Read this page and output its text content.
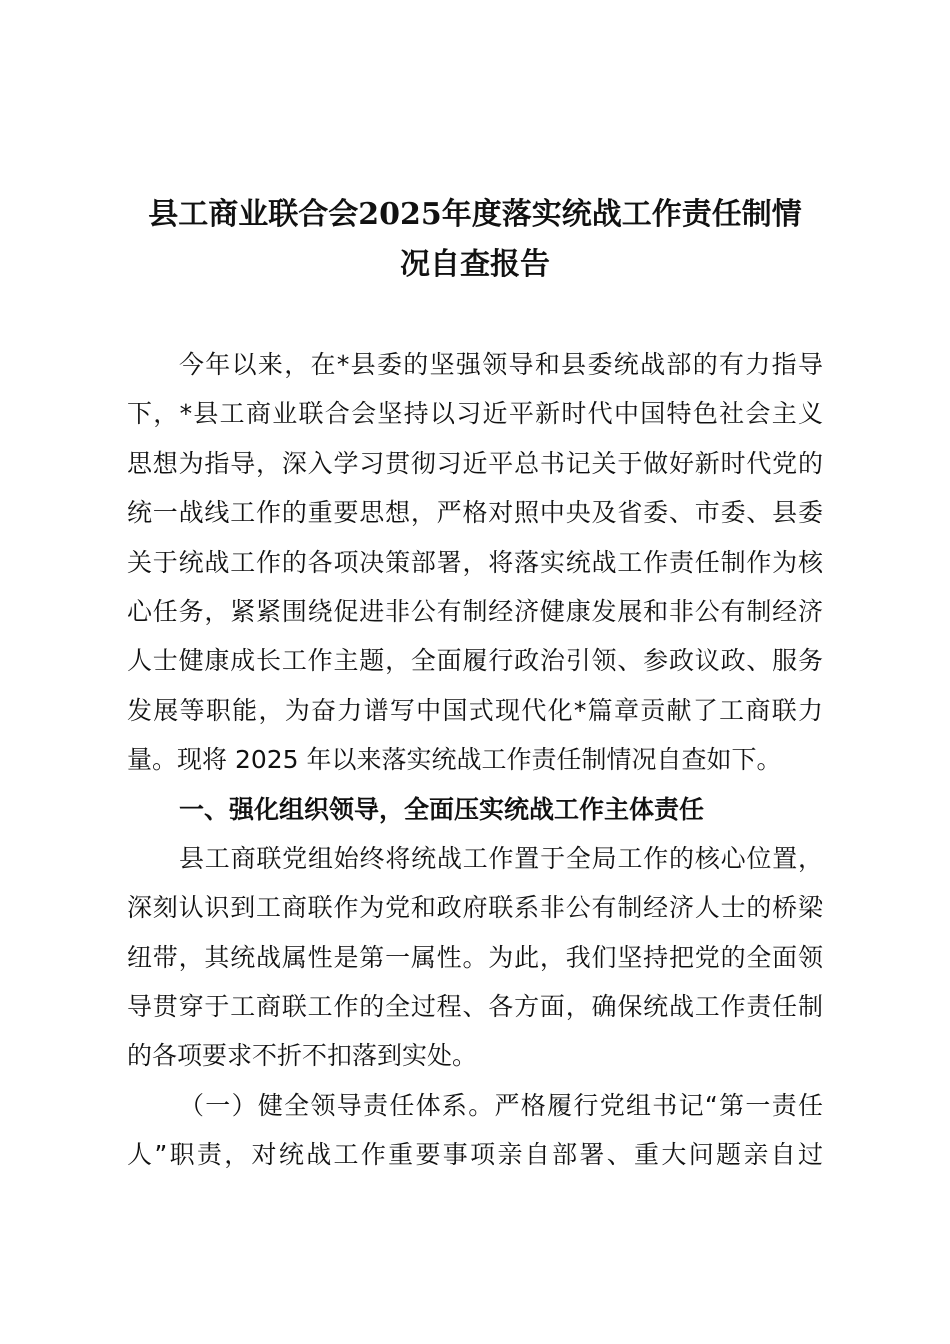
县工商业联合会2025年度落实统战工作责任制情
况自查报告
今年以来，在*县委的坚强领导和县委统战部的有力指导
下，*县工商业联合会坚持以习近平新时代中国特色社会主义
思想为指导，深入学习贯彻习近平总书记关于做好新时代党的
统一战线工作的重要思想，严格对照中央及省委、市委、县委
关于统战工作的各项决策部署，将落实统战工作责任制作为核
心任务，紧紧围绕促进非公有制经济健康发展和非公有制经济
人士健康成长工作主题，全面履行政治引领、参政议政、服务
发展等职能，为奋力谱写中国式现代化*篇章贡献了工商联力
量。现将 2025 年以来落实统战工作责任制情况自查如下。
一、强化组织领导，全面压实统战工作主体责任
县工商联党组始终将统战工作置于全局工作的核心位置，
深刻认识到工商联作为党和政府联系非公有制经济人士的桥梁
纽带，其统战属性是第一属性。为此，我们坚持把党的全面领
导贯穿于工商联工作的全过程、各方面，确保统战工作责任制
的各项要求不折不扣落到实处。
（一）健全领导责任体系。严格履行党组书记“第一责任
人”职责，对统战工作重要事项亲自部署、重大问题亲自过
